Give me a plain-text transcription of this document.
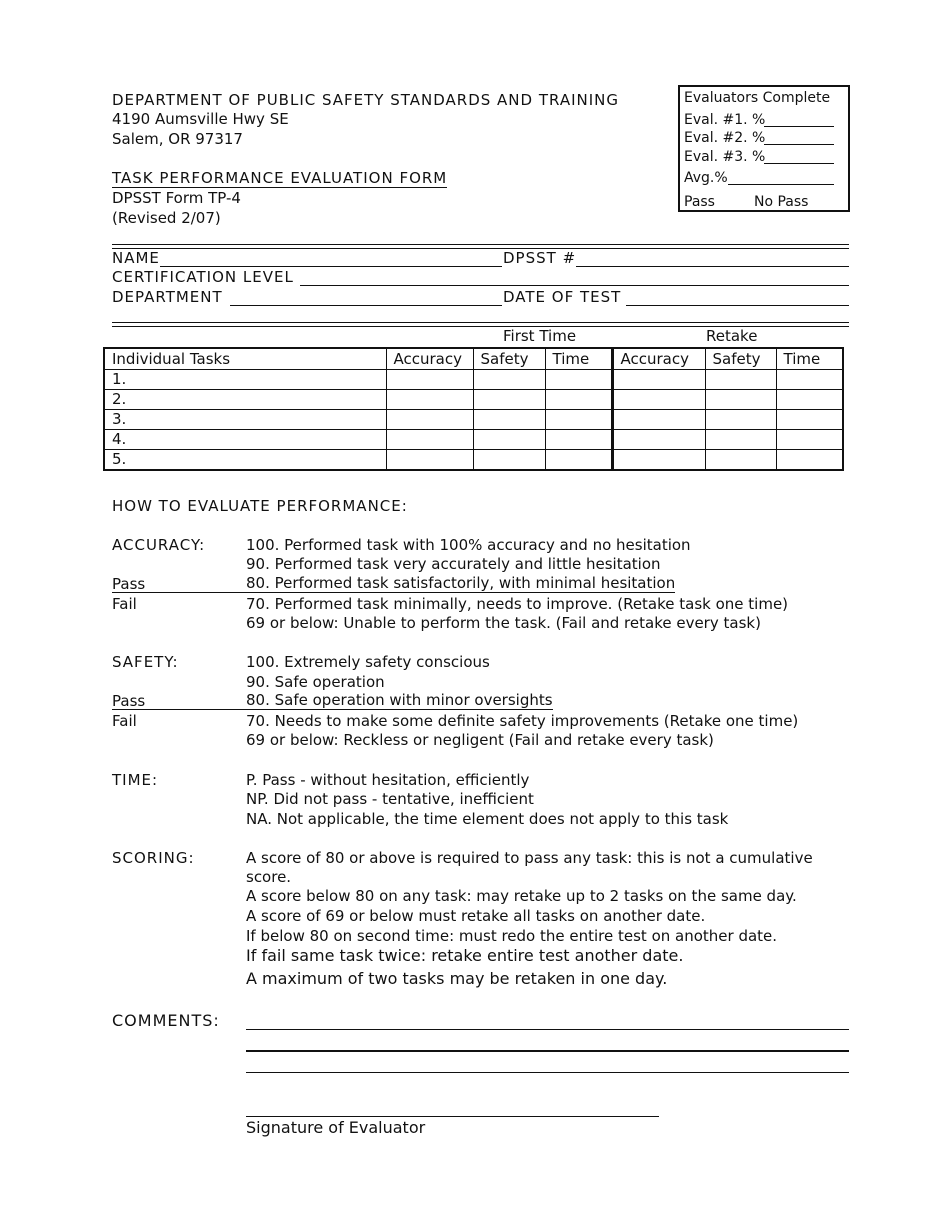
DEPARTMENT OF PUBLIC SAFETY STANDARDS AND TRAINING
4190 Aumsville Hwy SE
Salem, OR 97317
TASK PERFORMANCE EVALUATION FORM
DPSST Form TP-4
(Revised 2/07)
Evaluators Complete
Eval. #1. %
Eval. #2. %
Eval. #3. %
Avg.%
Pass	No Pass
NAME	DPSST #
CERTIFICATION LEVEL
DEPARTMENT	DATE OF TEST
First Time	Retake
Individual Tasks	Accuracy	Safety	Time	Accuracy	Safety	Time
1.						
2.						
3.						
4.						
5.						
HOW TO EVALUATE PERFORMANCE:
ACCURACY:	100. Performed task with 100% accuracy and no hesitation
90. Performed task very accurately and little hesitation
Pass	80. Performed task satisfactorily, with minimal hesitation
Fail	70. Performed task minimally, needs to improve. (Retake task one time)
69 or below: Unable to perform the task. (Fail and retake every task)
SAFETY:	100. Extremely safety conscious
90. Safe operation
Pass	80. Safe operation with minor oversights
Fail	70. Needs to make some definite safety improvements (Retake one time)
69 or below: Reckless or negligent (Fail and retake every task)
TIME:	P. Pass - without hesitation, efficiently
NP. Did not pass - tentative, inefficient
NA. Not applicable, the time element does not apply to this task
SCORING:	A score of 80 or above is required to pass any task: this is not a cumulative
score.
A score below 80 on any task: may retake up to 2 tasks on the same day.
A score of 69 or below must retake all tasks on another date.
If below 80 on second time: must redo the entire test on another date.
If fail same task twice: retake entire test another date.
A maximum of two tasks may be retaken in one day.
COMMENTS:
Signature of Evaluator
